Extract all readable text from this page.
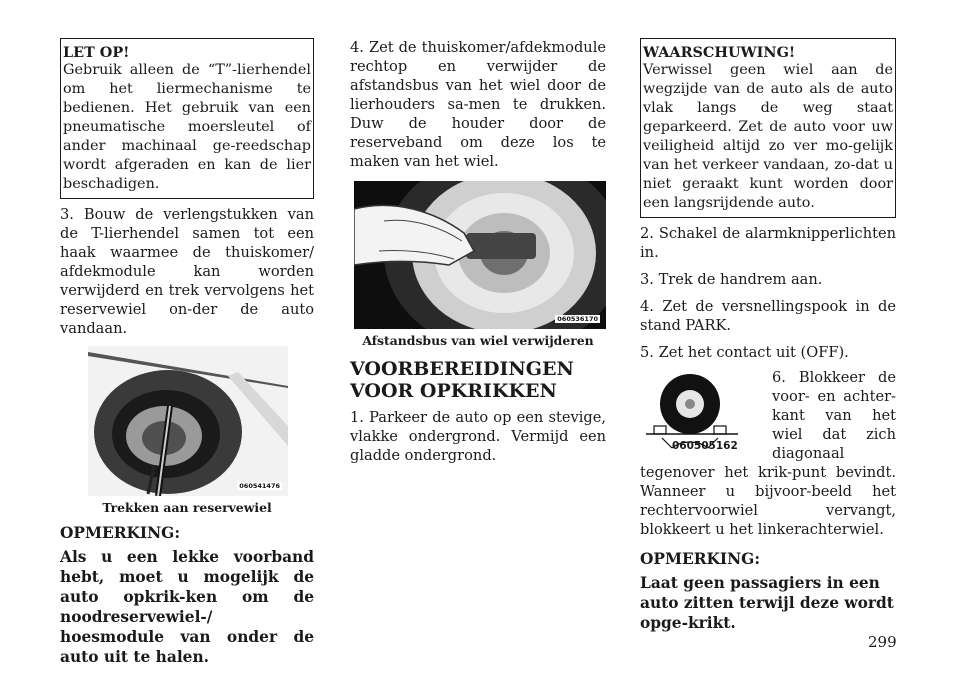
LET OP!
Gebruik alleen de “T”-lierhendel om het liermechanisme te bedienen. Het gebruik van een pneumatische moersleutel of ander machinaal ge-reedschap wordt afgeraden en kan de lier beschadigen.

3. Bouw de verlengstukken van de T-lierhendel samen tot een haak waarmee de thuiskomer/ afdekmodule kan worden verwijderd en trek vervolgens het reservewiel on-der de auto vandaan.

060541476
Trekken aan reservewiel

OPMERKING:

Als u een lekke voorband hebt, moet u mogelijk de auto opkrik-ken om de noodreservewiel-/ hoesmodule van onder de auto uit te halen.

4. Zet de thuiskomer/afdekmodule rechtop en verwijder de afstandsbus van het wiel door de lierhouders sa-men te drukken. Duw de houder door de reserveband om deze los te maken van het wiel.

060536170
Afstandsbus van wiel verwijderen
VOORBEREIDINGEN VOOR OPKRIKKEN

1. Parkeer de auto op een stevige, vlakke ondergrond. Vermijd een gladde ondergrond.

WAARSCHUWING!
Verwissel geen wiel aan de wegzijde van de auto als de auto vlak langs de weg staat geparkeerd. Zet de auto voor uw veiligheid altijd zo ver mo-gelijk van het verkeer vandaan, zo-dat u niet geraakt kunt worden door een langsrijdende auto.

2. Schakel de alarmknipperlichten in.

3. Trek de handrem aan.

4. Zet de versnellingspook in de stand PARK.

5. Zet het contact uit (OFF).

060505162

6. Blokkeer de voor- en achter-kant van het wiel dat zich diagonaal tegenover het krik-punt bevindt. Wanneer u bijvoor-beeld het rechtervoorwiel vervangt, blokkeert u het linkerachterwiel.

OPMERKING:

Laat geen passagiers in een auto zitten terwijl deze wordt opge-krikt.

299
